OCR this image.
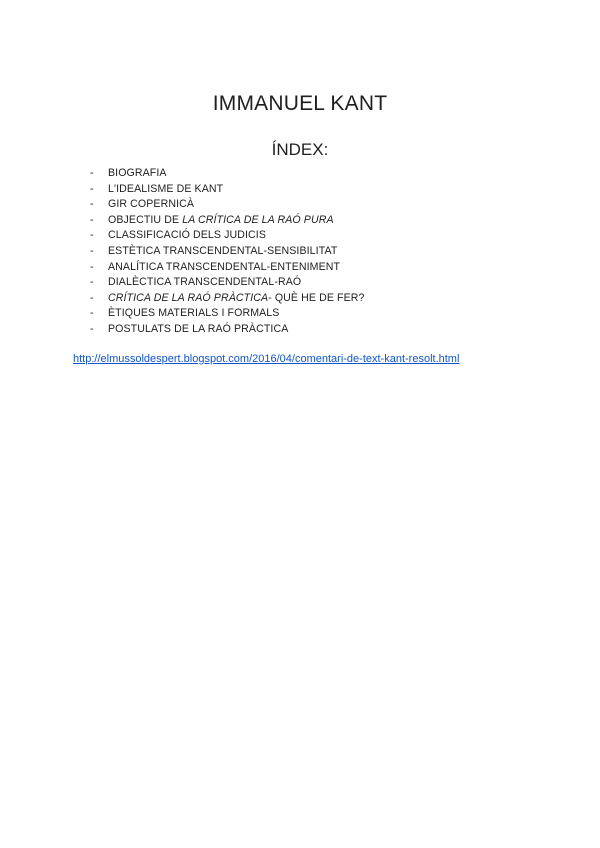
IMMANUEL KANT
ÍNDEX:
- BIOGRAFIA
- L'IDEALISME DE KANT
- GIR COPERNICÀ
- OBJECTIU DE LA CRÍTICA DE LA RAÓ PURA
- CLASSIFICACIÓ DELS JUDICIS
- ESTÈTICA TRANSCENDENTAL-SENSIBILITAT
- ANALÍTICA TRANSCENDENTAL-ENTENIMENT
- DIALÈCTICA TRANSCENDENTAL-RAÓ
- CRÍTICA DE LA RAÓ PRÀCTICA- QUÈ HE DE FER?
- ÈTIQUES MATERIALS I FORMALS
- POSTULATS DE LA RAÓ PRÀCTICA
http://elmussoldespert.blogspot.com/2016/04/comentari-de-text-kant-resolt.html
